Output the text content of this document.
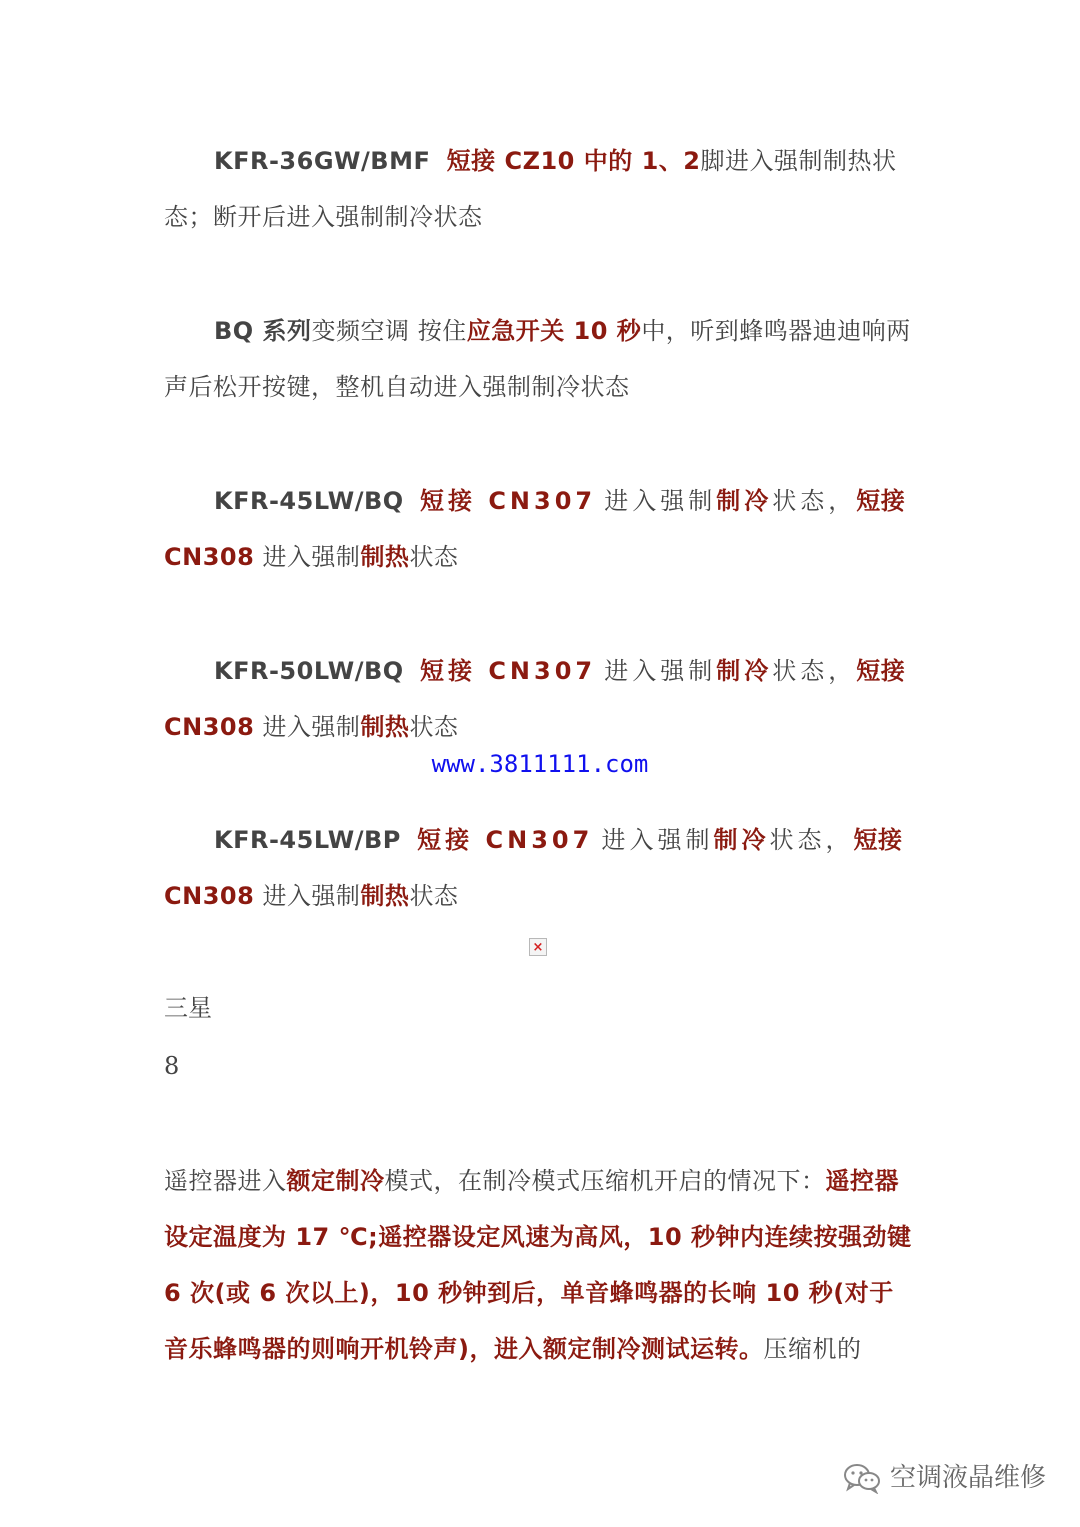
KFR-36GW/BMF 短接 CZ10 中的 1、2脚进入强制制热状态；断开后进入强制制冷状态

BQ 系列变频空调 按住应急开关 10 秒中，听到蜂鸣器迪迪响两声后松开按键，整机自动进入强制制冷状态

KFR-45LW/BQ 短接 CN307 进入强制制冷状态，短接 CN308 进入强制制热状态

KFR-50LW/BQ 短接 CN307 进入强制制冷状态，短接 CN308 进入强制制热状态

www.3811111.com

KFR-45LW/BP 短接 CN307 进入强制制冷状态，短接 CN308 进入强制制热状态

×
三星
8

遥控器进入额定制冷模式，在制冷模式压缩机开启的情况下：遥控器设定温度为 17 ℃;遥控器设定风速为高风，10 秒钟内连续按强劲键 6 次(或 6 次以上)，10 秒钟到后，单音蜂鸣器的长响 10 秒(对于音乐蜂鸣器的则响开机铃声)，进入额定制冷测试运转。压缩机的

空调液晶维修
